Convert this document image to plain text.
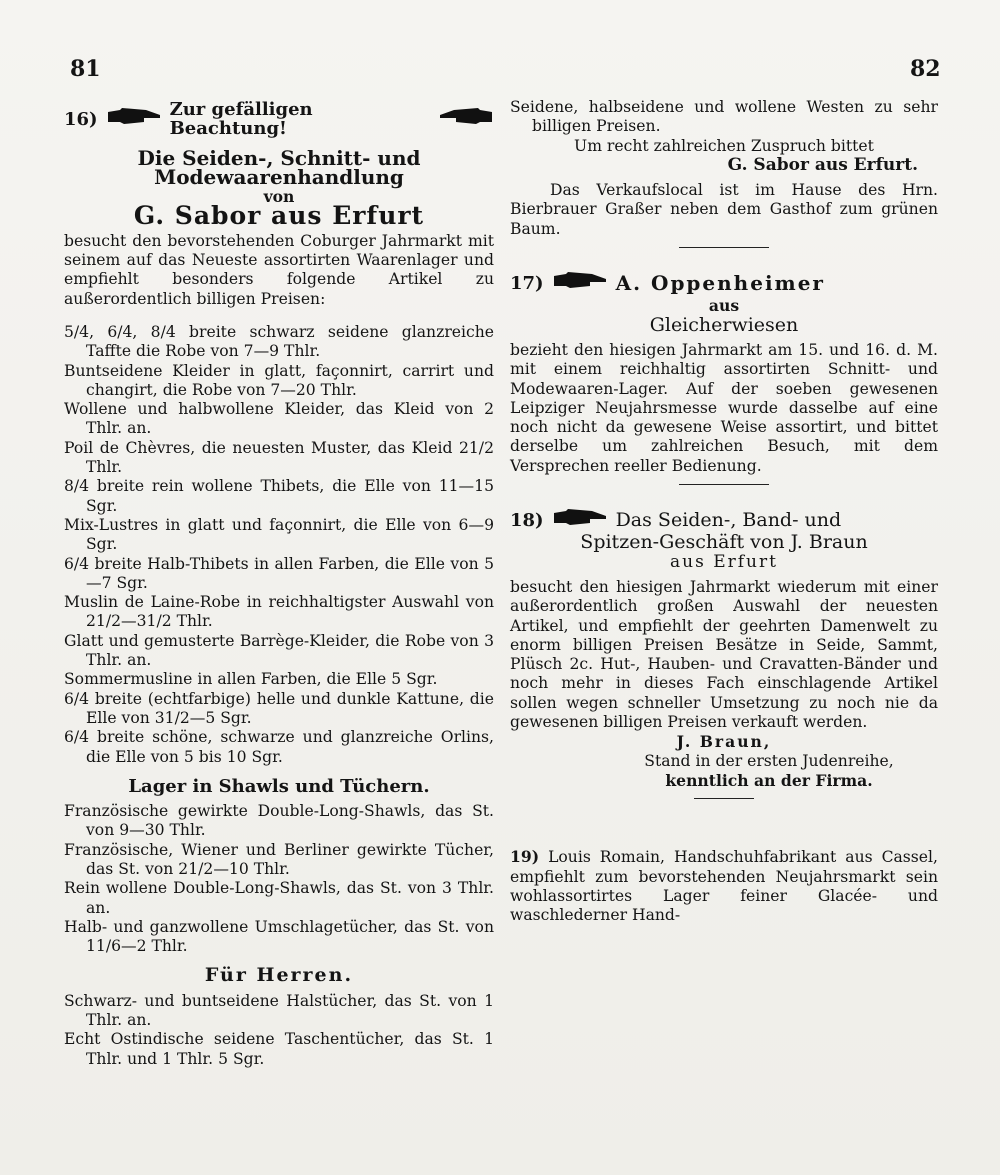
81	82
16)	Zur gefälligen Beachtung!

Die Seiden-, Schnitt- und Modewaarenhandlung

von

G. Sabor aus Erfurt

besucht den bevorstehenden Coburger Jahrmarkt mit seinem auf das Neueste assortirten Waarenlager und empfiehlt besonders folgende Artikel zu außerordentlich billigen Preisen:

5/4, 6/4, 8/4 breite schwarz seidene glanzreiche Taffte die Robe von 7—9 Thlr.

Buntseidene Kleider in glatt, façonnirt, carrirt und changirt, die Robe von 7—20 Thlr.

Wollene und halbwollene Kleider, das Kleid von 2 Thlr. an.

Poil de Chèvres, die neuesten Muster, das Kleid 21/2 Thlr.

8/4 breite rein wollene Thibets, die Elle von 11—15 Sgr.

Mix-Lustres in glatt und façonnirt, die Elle von 6—9 Sgr.

6/4 breite Halb-Thibets in allen Farben, die Elle von 5—7 Sgr.

Muslin de Laine-Robe in reichhaltigster Auswahl von 21/2—31/2 Thlr.

Glatt und gemusterte Barrège-Kleider, die Robe von 3 Thlr. an.

Sommermusline in allen Farben, die Elle 5 Sgr.

6/4 breite (echtfarbige) helle und dunkle Kattune, die Elle von 31/2—5 Sgr.

6/4 breite schöne, schwarze und glanzreiche Orlins, die Elle von 5 bis 10 Sgr.

Lager in Shawls und Tüchern.

Französische gewirkte Double-Long-Shawls, das St. von 9—30 Thlr.

Französische, Wiener und Berliner gewirkte Tücher, das St. von 21/2—10 Thlr.

Rein wollene Double-Long-Shawls, das St. von 3 Thlr. an.

Halb- und ganzwollene Umschlagetücher, das St. von 11/6—2 Thlr.

Für Herren.

Schwarz- und buntseidene Halstücher, das St. von 1 Thlr. an.

Echt Ostindische seidene Taschentücher, das St. 1 Thlr. und 1 Thlr. 5 Sgr.

Seidene, halbseidene und wollene Westen zu sehr billigen Preisen.

Um recht zahlreichen Zuspruch bittet

G. Sabor aus Erfurt.

Das Verkaufslocal ist im Hause des Hrn. Bierbrauer Graßer neben dem Gasthof zum grünen Baum.

17)	A. Oppenheimer

aus

Gleicherwiesen

bezieht den hiesigen Jahrmarkt am 15. und 16. d. M. mit einem reichhaltig assortirten Schnitt- und Modewaaren-Lager. Auf der soeben gewesenen Leipziger Neujahrsmesse wurde dasselbe auf eine noch nicht da gewesene Weise assortirt, und bittet derselbe um zahlreichen Besuch, mit dem Versprechen reeller Bedienung.

18)	Das Seiden-, Band- und

Spitzen-Geschäft von J. Braun

aus Erfurt

besucht den hiesigen Jahrmarkt wiederum mit einer außerordentlich großen Auswahl der neuesten Artikel, und empfiehlt der geehrten Damenwelt zu enorm billigen Preisen Besätze in Seide, Sammt, Plüsch 2c. Hut-, Hauben- und Cravatten-Bänder und noch mehr in dieses Fach einschlagende Artikel sollen wegen schneller Umsetzung zu noch nie da gewesenen billigen Preisen verkauft werden.

J. Braun,

Stand in der ersten Judenreihe,

kenntlich an der Firma.

19) Louis Romain, Handschuhfabrikant aus Cassel, empfiehlt zum bevorstehenden Neujahrsmarkt sein wohlassortirtes Lager feiner Glacée- und waschlederner Hand-
